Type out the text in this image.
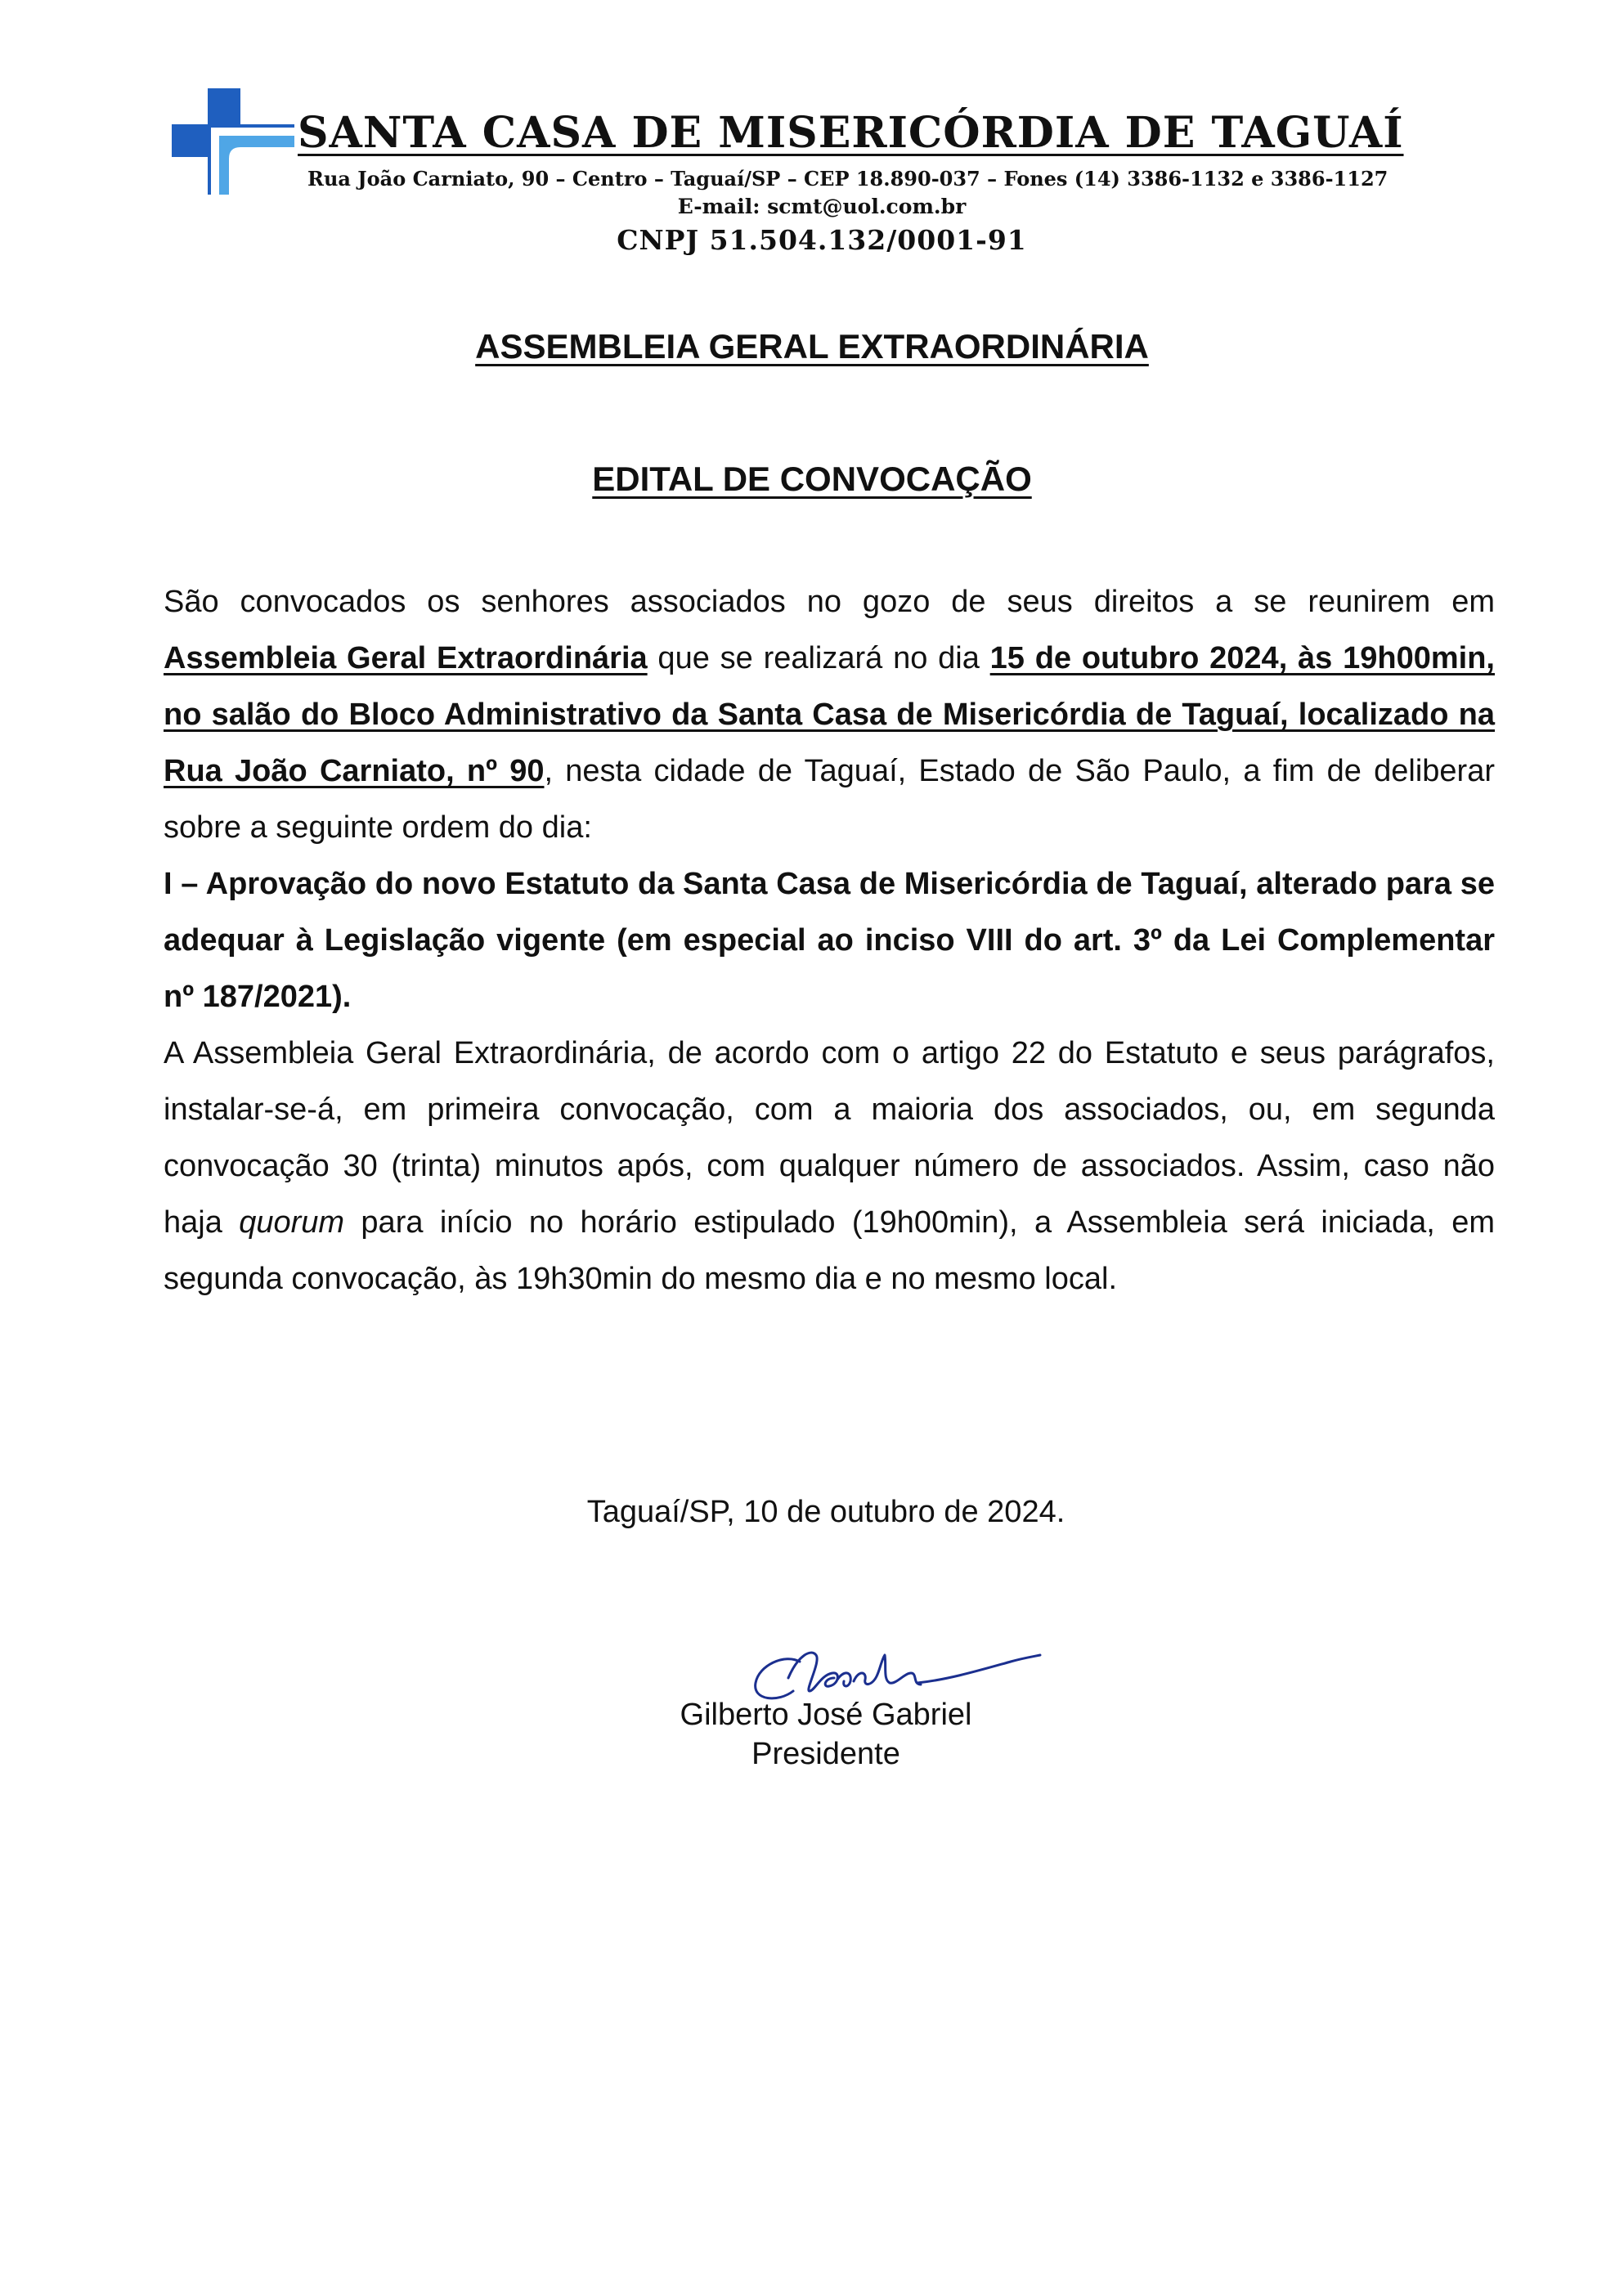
SANTA CASA DE MISERICÓRDIA DE TAGUAÍ
Rua João Carniato, 90 – Centro – Taguaí/SP – CEP 18.890-037 – Fones (14) 3386-1132 e 3386-1127
E-mail: scmt@uol.com.br
CNPJ 51.504.132/0001-91
ASSEMBLEIA GERAL EXTRAORDINÁRIA
EDITAL DE CONVOCAÇÃO

São convocados os senhores associados no gozo de seus direitos a se reunirem em Assembleia Geral Extraordinária que se realizará no dia 15 de outubro 2024, às 19h00min, no salão do Bloco Administrativo da Santa Casa de Misericórdia de Taguaí, localizado na Rua João Carniato, nº 90, nesta cidade de Taguaí, Estado de São Paulo, a fim de deliberar sobre a seguinte ordem do dia:

I – Aprovação do novo Estatuto da Santa Casa de Misericórdia de Taguaí, alterado para se adequar à Legislação vigente (em especial ao inciso VIII do art. 3º da Lei Complementar nº 187/2021).

A Assembleia Geral Extraordinária, de acordo com o artigo 22 do Estatuto e seus parágrafos, instalar-se-á, em primeira convocação, com a maioria dos associados, ou, em segunda convocação 30 (trinta) minutos após, com qualquer número de associados. Assim, caso não haja quorum para início no horário estipulado (19h00min), a Assembleia será iniciada, em segunda convocação, às 19h30min do mesmo dia e no mesmo local.

Taguaí/SP, 10 de outubro de 2024.
Gilberto José Gabriel
Presidente
